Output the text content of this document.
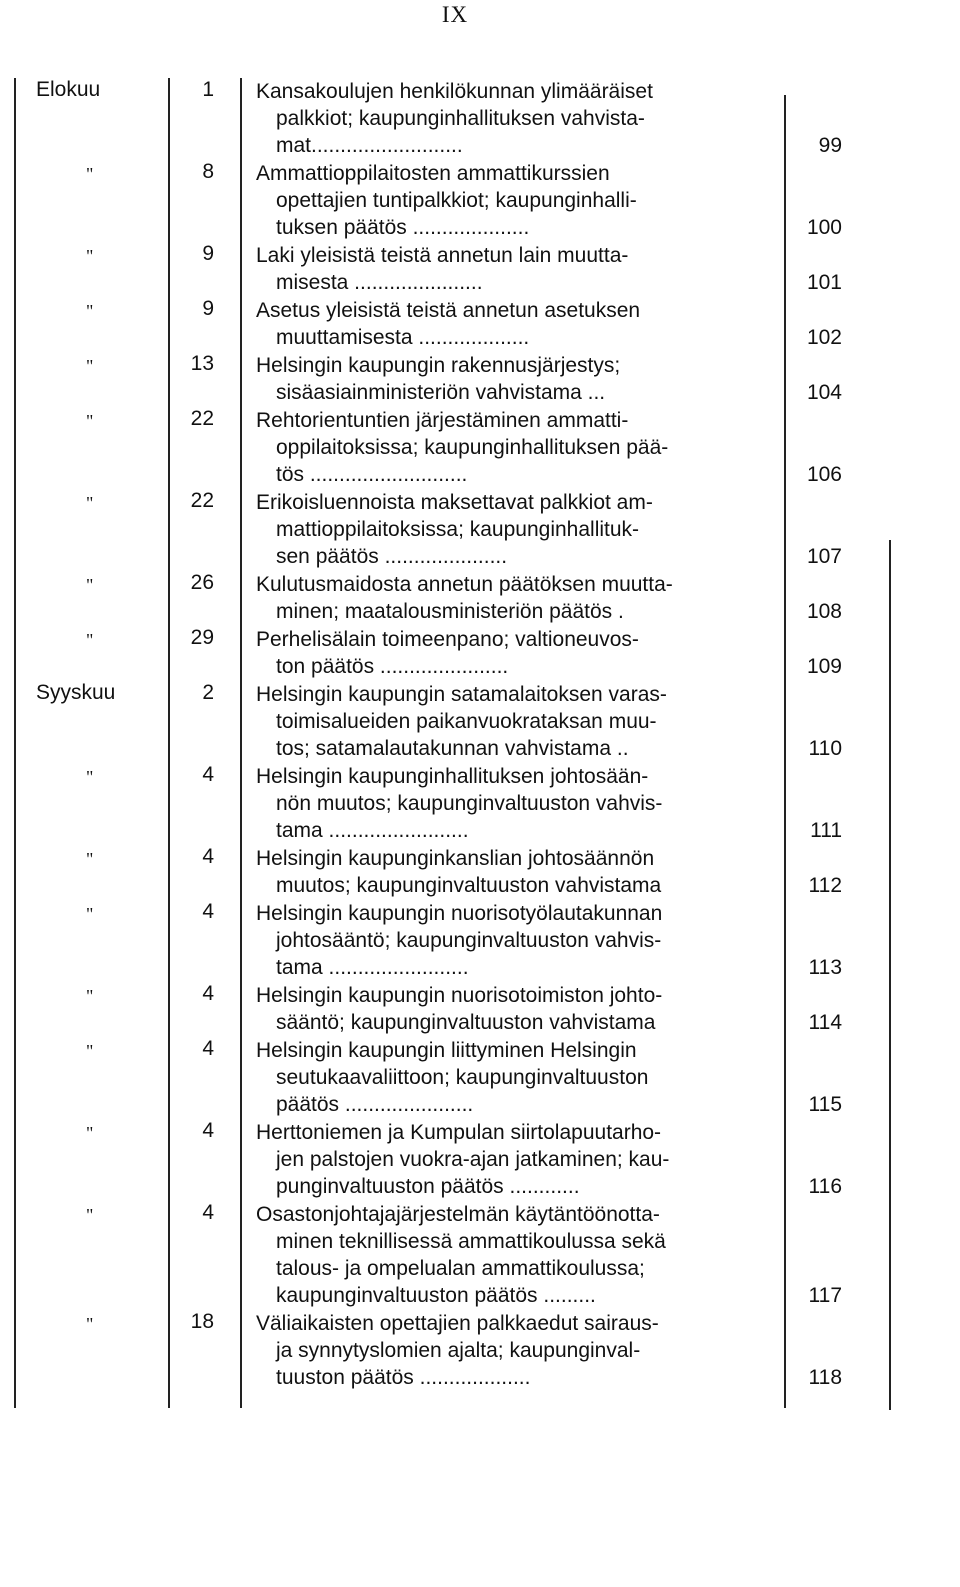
IX
Elokuu	1 Kansakoulujen henkilökunnan ylimääräiset
palkkiot; kaupunginhallituksen vahvista-
mat..........................	99
"	8 Ammattioppilaitosten ammattikurssien
opettajien tuntipalkkiot; kaupunginhalli-
tuksen päätös ....................	100
"	9 Laki yleisistä teistä annetun lain muutta-
misesta ......................	101
"	9 Asetus yleisistä teistä annetun asetuksen
muuttamisesta ...................	102
"	13 Helsingin kaupungin rakennusjärjestys;
sisäasiainministeriön vahvistama ...	104
"	22 Rehtorientuntien järjestäminen ammatti-
oppilaitoksissa; kaupunginhallituksen pää-
tös ...........................	106
"	22 Erikoisluennoista maksettavat palkkiot am-
mattioppilaitoksissa; kaupunginhallituk-
sen päätös .....................	107
"	26 Kulutusmaidosta annetun päätöksen muutta-
minen; maatalousministeriön päätös .	108
"	29 Perhelisälain toimeenpano; valtioneuvos-
ton päätös ......................	109
Syyskuu	2 Helsingin kaupungin satamalaitoksen varas-
toimisalueiden paikanvuokrataksan muu-
tos; satamalautakunnan vahvistama ..	110
"	4 Helsingin kaupunginhallituksen johtosään-
nön muutos; kaupunginvaltuuston vahvis-
tama ........................	111
"	4 Helsingin kaupunginkanslian johtosäännön
muutos; kaupunginvaltuuston vahvistama	112
"	4 Helsingin kaupungin nuorisotyölautakunnan
johtosääntö; kaupunginvaltuuston vahvis-
tama ........................	113
"	4 Helsingin kaupungin nuorisotoimiston johto-
sääntö; kaupunginvaltuuston vahvistama	114
"	4 Helsingin kaupungin liittyminen Helsingin
seutukaavaliittoon; kaupunginvaltuuston
päätös ......................	115
"	4 Herttoniemen ja Kumpulan siirtolapuutarho-
jen palstojen vuokra-ajan jatkaminen; kau-
punginvaltuuston päätös ............	116
"	4 Osastonjohtajajärjestelmän käytäntöönotta-
minen teknillisessä ammattikoulussa sekä
talous- ja ompelualan ammattikoulussa;
kaupunginvaltuuston päätös .........	117
"	18 Väliaikaisten opettajien palkkaedut sairaus-
ja synnytyslomien ajalta; kaupunginval-
tuuston päätös ...................	118
